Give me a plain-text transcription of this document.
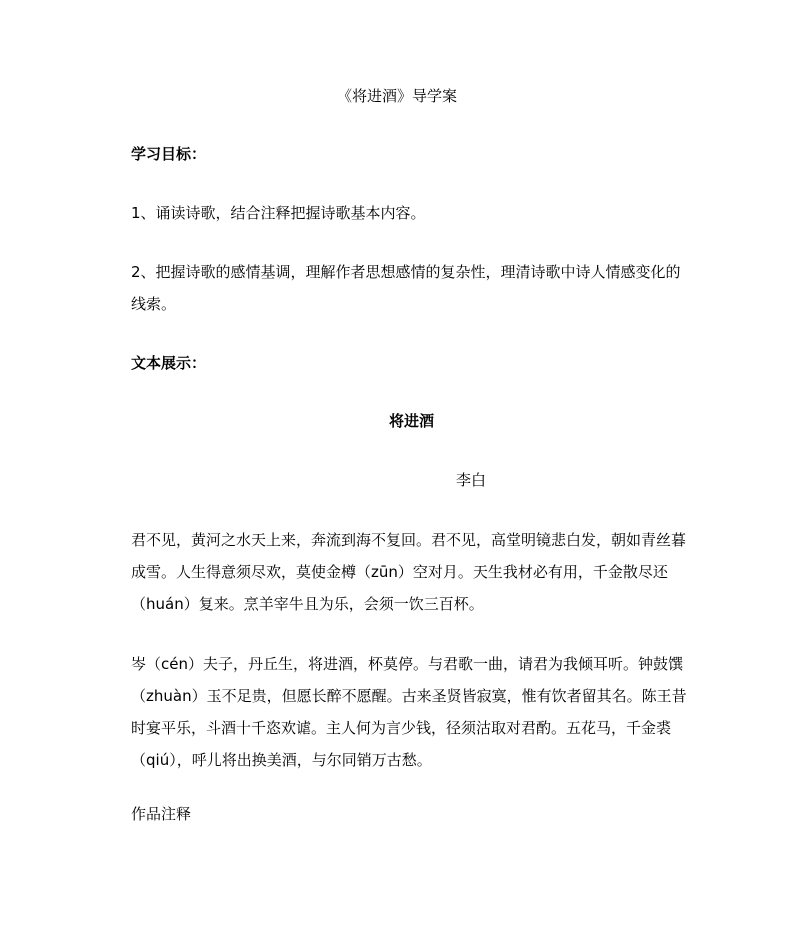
《将进酒》导学案
学习目标：
1、诵读诗歌，结合注释把握诗歌基本内容。
2、把握诗歌的感情基调，理解作者思想感情的复杂性，理清诗歌中诗人情感变化的线索。
文本展示：
将进酒
李白
君不见，黄河之水天上来，奔流到海不复回。君不见，高堂明镜悲白发，朝如青丝暮成雪。人生得意须尽欢，莫使金樽（zūn）空对月。天生我材必有用，千金散尽还（huán）复来。烹羊宰牛且为乐，会须一饮三百杯。
岑（cén）夫子，丹丘生，将进酒，杯莫停。与君歌一曲，请君为我倾耳听。钟鼓馔（zhuàn）玉不足贵，但愿长醉不愿醒。古来圣贤皆寂寞，惟有饮者留其名。陈王昔时宴平乐，斗酒十千恣欢谑。主人何为言少钱，径须沽取对君酌。五花马，千金裘（qiú），呼儿将出换美酒，与尔同销万古愁。
作品注释
